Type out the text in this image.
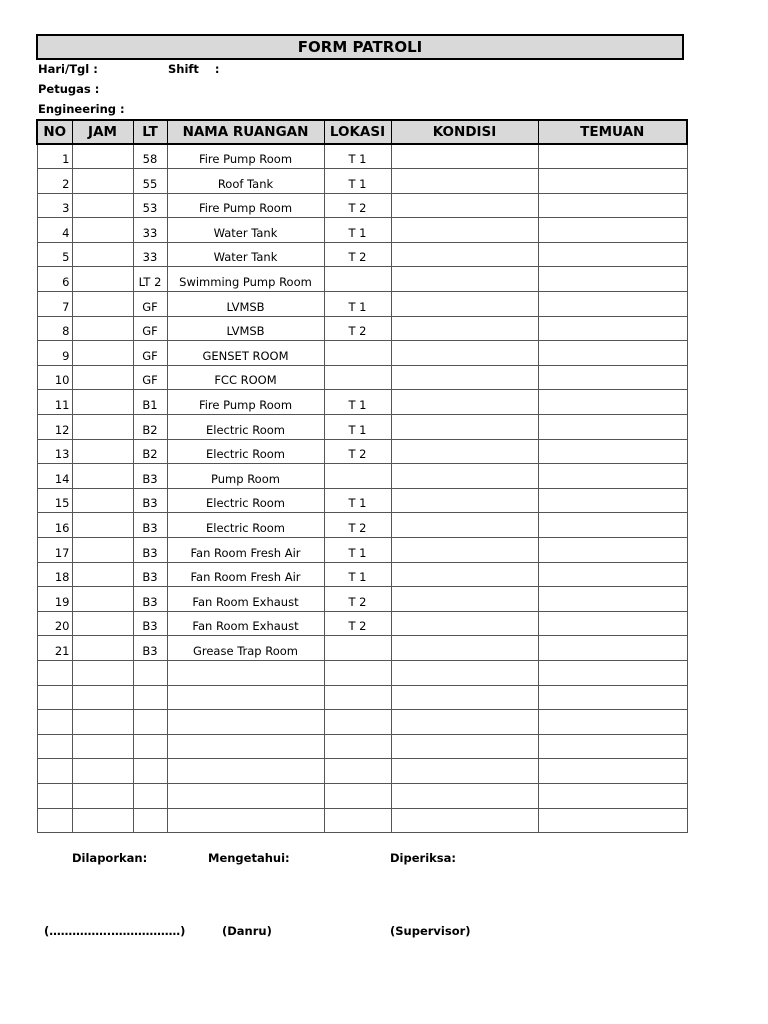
FORM PATROLI
Hari/Tgl :	Shift    :
Petugas :
Engineering :
NO	JAM	LT	NAMA RUANGAN	LOKASI	KONDISI	TEMUAN
1		58	Fire Pump Room	T 1		
2		55	Roof Tank	T 1		
3		53	Fire Pump Room	T 2		
4		33	Water Tank	T 1		
5		33	Water Tank	T 2		
6		LT 2	Swimming Pump Room			
7		GF	LVMSB	T 1		
8		GF	LVMSB	T 2		
9		GF	GENSET ROOM			
10		GF	FCC ROOM			
11		B1	Fire Pump Room	T 1		
12		B2	Electric Room	T 1		
13		B2	Electric Room	T 2		
14		B3	Pump Room			
15		B3	Electric Room	T 1		
16		B3	Electric Room	T 2		
17		B3	Fan Room Fresh Air	T 1		
18		B3	Fan Room Fresh Air	T 1		
19		B3	Fan Room Exhaust	T 2		
20		B3	Fan Room Exhaust	T 2		
21		B3	Grease Trap Room			

Dilaporkan:	Mengetahui:	Diperiksa:
(…………….………………)	(Danru)	(Supervisor)
